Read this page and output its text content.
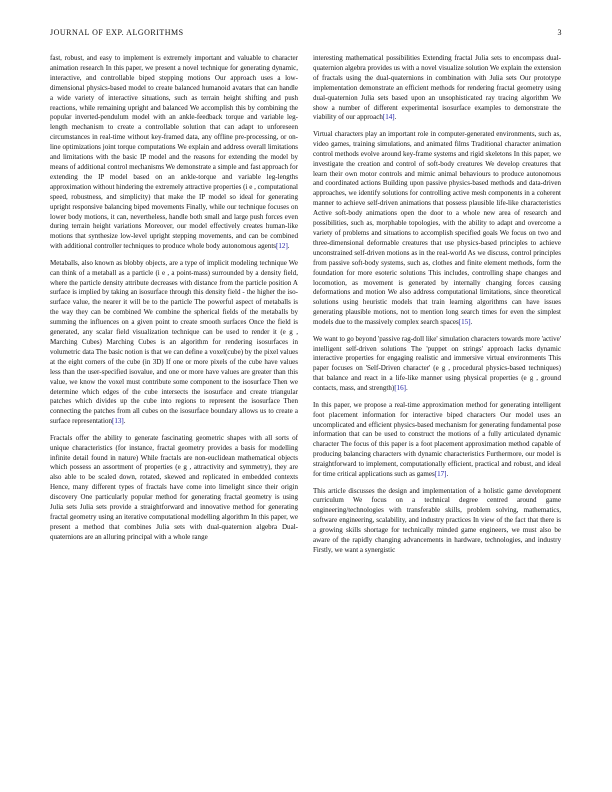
JOURNAL OF EXP. ALGORITHMS	3

fast, robust, and easy to implement is extremely important and valuable to character animation research In this paper, we present a novel technique for generating dynamic, interactive, and controllable biped stepping motions Our approach uses a low-dimensional physics-based model to create balanced humanoid avatars that can handle a wide variety of interactive situations, such as terrain height shifting and push reactions, while remaining upright and balanced We accomplish this by combining the popular inverted-pendulum model with an ankle-feedback torque and variable leg-length mechanism to create a controllable solution that can adapt to unforeseen circumstances in real-time without key-framed data, any offline pre-processing, or on-line optimizations joint torque computations We explain and address overall limitations and limitations with the basic IP model and the reasons for extending the model by means of additional control mechanisms We demonstrate a simple and fast approach for extending the IP model based on an ankle-torque and variable leg-lengths approximation without hindering the extremely attractive properties (i e , computational speed, robustness, and simplicity) that make the IP model so ideal for generating upright responsive balancing biped movements Finally, while our technique focuses on lower body motions, it can, nevertheless, handle both small and large push forces even during terrain height variations Moreover, our model effectively creates human-like motions that synthesize low-level upright stepping movements, and can be combined with additional controller techniques to produce whole body autonomous agents[12].

Metaballs, also known as blobby objects, are a type of implicit modeling technique We can think of a metaball as a particle (i e , a point-mass) surrounded by a density field, where the particle density attribute decreases with distance from the particle position A surface is implied by taking an isosurface through this density field - the higher the iso-surface value, the nearer it will be to the particle The powerful aspect of metaballs is the way they can be combined We combine the spherical fields of the metaballs by summing the influences on a given point to create smooth surfaces Once the field is generated, any scalar field visualization technique can be used to render it (e g , Marching Cubes) Marching Cubes is an algorithm for rendering isosurfaces in volumetric data The basic notion is that we can define a voxel(cube) by the pixel values at the eight corners of the cube (in 3D) If one or more pixels of the cube have values less than the user-specified isovalue, and one or more have values are greater than this value, we know the voxel must contribute some component to the isosurface Then we determine which edges of the cube intersects the isosurface and create triangular patches which divides up the cube into regions to represent the isosurface Then connecting the patches from all cubes on the isosurface boundary allows us to create a surface representation[13].

Fractals offer the ability to generate fascinating geometric shapes with all sorts of unique characteristics (for instance, fractal geometry provides a basis for modelling infinite detail found in nature) While fractals are non-euclidean mathematical objects which possess an assortment of properties (e g , attractivity and symmetry), they are also able to be scaled down, rotated, skewed and replicated in embedded contexts Hence, many different types of fractals have come into limelight since their origin discovery One particularly popular method for generating fractal geometry is using Julia sets Julia sets provide a straightforward and innovative method for generating fractal geometry using an iterative computational modelling algorithm In this paper, we present a method that combines Julia sets with dual-quaternion algebra Dual-quaternions are an alluring principal with a whole range

interesting mathematical possibilities Extending fractal Julia sets to encompass dual-quaternion algebra provides us with a novel visualize solution We explain the extension of fractals using the dual-quaternions in combination with Julia sets Our prototype implementation demonstrate an efficient methods for rendering fractal geometry using dual-quaternion Julia sets based upon an unsophisticated ray tracing algorithm We show a number of different experimental isosurface examples to demonstrate the viability of our approach[14].

Virtual characters play an important role in computer-generated environments, such as, video games, training simulations, and animated films Traditional character animation control methods evolve around key-frame systems and rigid skeletons In this paper, we investigate the creation and control of soft-body creatures We develop creatures that learn their own motor controls and mimic animal behaviours to produce autonomous and coordinated actions Building upon passive physics-based methods and data-driven approaches, we identify solutions for controlling active mesh components in a coherent manner to achieve self-driven animations that possess plausible life-like characteristics Active soft-body animations open the door to a whole new area of research and possibilities, such as, morphable topologies, with the ability to adapt and overcome a variety of problems and situations to accomplish specified goals We focus on two and three-dimensional deformable creatures that use physics-based principles to achieve unconstrained self-driven motions as in the real-world As we discuss, control principles from passive soft-body systems, such as, clothes and finite element methods, form the foundation for more esoteric solutions This includes, controlling shape changes and locomotion, as movement is generated by internally changing forces causing deformations and motion We also address computational limitations, since theoretical solutions using heuristic models that train learning algorithms can have issues generating plausible motions, not to mention long search times for even the simplest models due to the massively complex search spaces[15].

We want to go beyond 'passive rag-doll like' simulation characters towards more 'active' intelligent self-driven solutions The 'puppet on strings' approach lacks dynamic interactive properties for engaging realistic and immersive virtual environments This paper focuses on 'Self-Driven character' (e g , procedural physics-based techniques) that balance and react in a life-like manner using physical properties (e g , ground contacts, mass, and strength)[16].

In this paper, we propose a real-time approximation method for generating intelligent foot placement information for interactive biped characters Our model uses an uncomplicated and efficient physics-based mechanism for generating fundamental pose information that can be used to construct the motions of a fully articulated dynamic character The focus of this paper is a foot placement approximation method capable of producing balancing characters with dynamic characteristics Furthermore, our model is straightforward to implement, computationally efficient, practical and robust, and ideal for time critical applications such as games[17].

This article discusses the design and implementation of a holistic game development curriculum We focus on a technical degree centred around game engineering/technologies with transferable skills, problem solving, mathematics, software engineering, scalability, and industry practices In view of the fact that there is a growing skills shortage for technically minded game engineers, we must also be aware of the rapidly changing advancements in hardware, technologies, and industry Firstly, we want a synergistic
